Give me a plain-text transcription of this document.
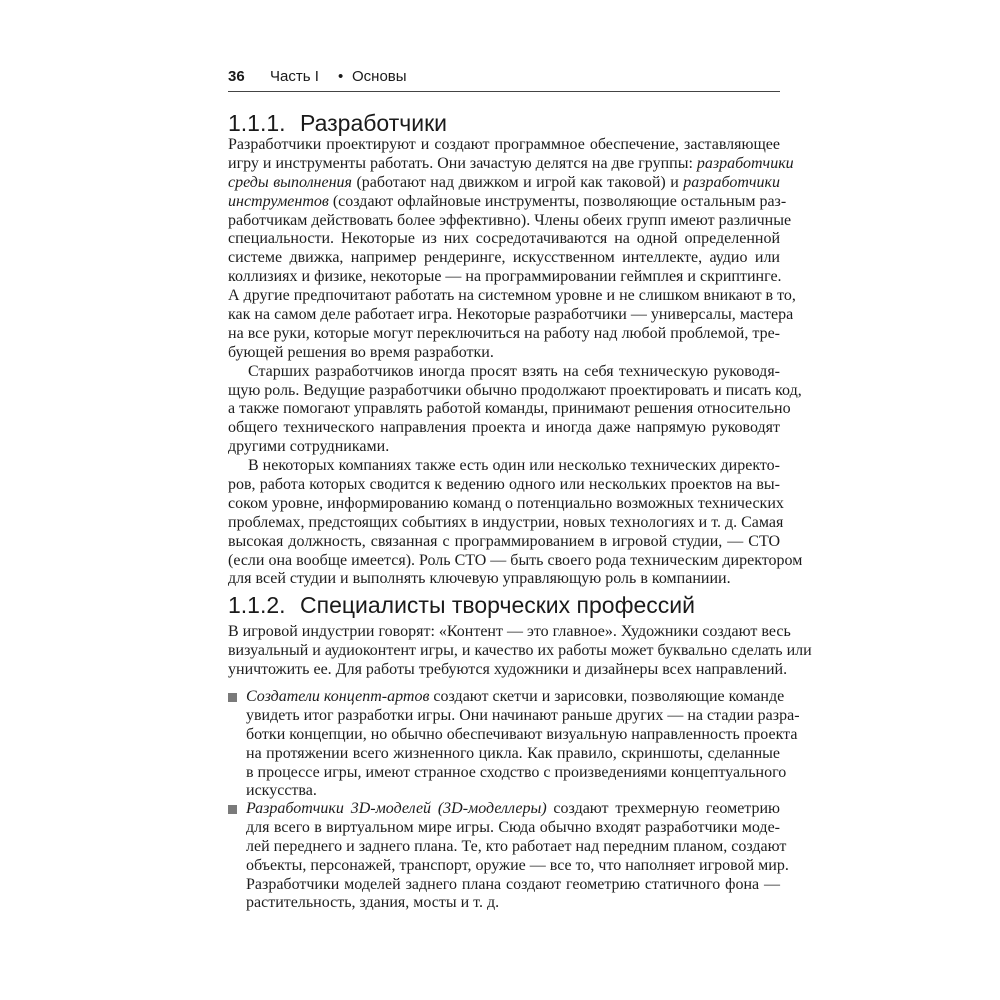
36 Часть I • Основы
1.1.1. Разработчики
Разработчики проектируют и создают программное обеспечение, заставляющее
игру и инструменты работать. Они зачастую делятся на две группы: разработчики
среды выполнения (работают над движком и игрой как таковой) и разработчики
инструментов (создают офлайновые инструменты, позволяющие остальным раз-
работчикам действовать более эффективно). Члены обеих групп имеют различные
специальности. Некоторые из них сосредотачиваются на одной определенной
системе движка, например рендеринге, искусственном интеллекте, аудио или
коллизиях и физике, некоторые — на программировании геймплея и скриптинге.
А другие предпочитают работать на системном уровне и не слишком вникают в то,
как на самом деле работает игра. Некоторые разработчики — универсалы, мастера
на все руки, которые могут переключиться на работу над любой проблемой, тре-
бующей решения во время разработки.
Старших разработчиков иногда просят взять на себя техническую руководя-
щую роль. Ведущие разработчики обычно продолжают проектировать и писать код,
а также помогают управлять работой команды, принимают решения относительно
общего технического направления проекта и иногда даже напрямую руководят
другими сотрудниками.
В некоторых компаниях также есть один или несколько технических директо-
ров, работа которых сводится к ведению одного или нескольких проектов на вы-
соком уровне, информированию команд о потенциально возможных технических
проблемах, предстоящих событиях в индустрии, новых технологиях и т. д. Самая
высокая должность, связанная с программированием в игровой студии, — CTO
(если она вообще имеется). Роль CTO — быть своего рода техническим директором
для всей студии и выполнять ключевую управляющую роль в компаниии.
1.1.2. Специалисты творческих профессий
В игровой индустрии говорят: «Контент — это главное». Художники создают весь
визуальный и аудиоконтент игры, и качество их работы может буквально сделать или
уничтожить ее. Для работы требуются художники и дизайнеры всех направлений.
Создатели концепт-артов создают скетчи и зарисовки, позволяющие команде
увидеть итог разработки игры. Они начинают раньше других — на стадии разра-
ботки концепции, но обычно обеспечивают визуальную направленность проекта
на протяжении всего жизненного цикла. Как правило, скриншоты, сделанные
в процессе игры, имеют странное сходство с произведениями концептуального
искусства.
Разработчики 3D-моделей (3D-моделлеры) создают трехмерную геометрию
для всего в виртуальном мире игры. Сюда обычно входят разработчики моде-
лей переднего и заднего плана. Те, кто работает над передним планом, создают
объекты, персонажей, транспорт, оружие — все то, что наполняет игровой мир.
Разработчики моделей заднего плана создают геометрию статичного фона —
растительность, здания, мосты и т. д.
